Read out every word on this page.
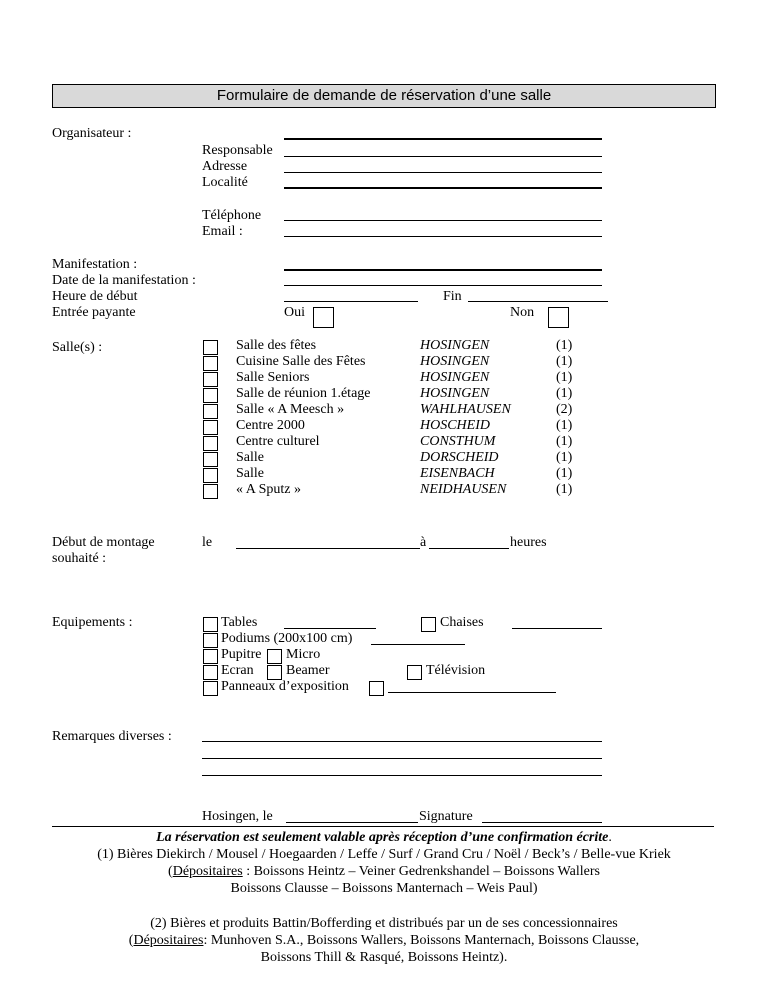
Formulaire de demande de réservation d’une salle
Organisateur :
Responsable
Adresse
Localité
Téléphone
Email :
Manifestation :
Date de la manifestation :
Heure de début	Fin
Entrée payante	Oui	Non
Salle(s) :	Salle des fêtes	HOSINGEN	(1)
Cuisine Salle des Fêtes	HOSINGEN	(1)
Salle Seniors	HOSINGEN	(1)
Salle de réunion 1.étage	HOSINGEN	(1)
Salle « A Meesch »	WAHLHAUSEN	(2)
Centre 2000	HOSCHEID	(1)
Centre culturel	CONSTHUM	(1)
Salle	DORSCHEID	(1)
Salle	EISENBACH	(1)
« A Sputz »	NEIDHAUSEN	(1)
Début de montage
souhaité :
le	à	heures
Equipements :	Tables	Chaises
Podiums (200x100 cm)
Pupitre Micro
Ecran Beamer	Télévision
Panneaux d’exposition
Remarques diverses :
Hosingen, le	Signature
La réservation est seulement valable après réception d’une confirmation écrite.
(1) Bières Diekirch / Mousel / Hoegaarden / Leffe / Surf / Grand Cru / Noël / Beck’s / Belle-vue Kriek
(Dépositaires : Boissons Heintz – Veiner Gedrenkshandel – Boissons Wallers
Boissons Clausse – Boissons Manternach – Weis Paul)
(2) Bières et produits Battin/Bofferding et distribués par un de ses concessionnaires
(Dépositaires: Munhoven S.A., Boissons Wallers, Boissons Manternach, Boissons Clausse,
Boissons Thill & Rasqué, Boissons Heintz).
